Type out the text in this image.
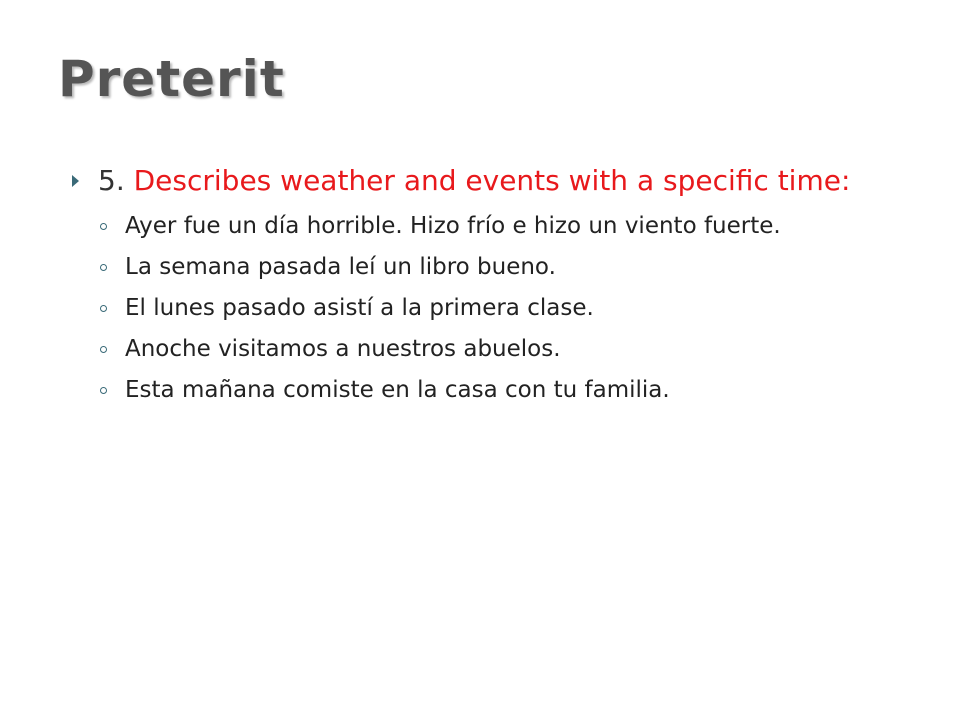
Preterit
5. Describes weather and events with a specific time:
Ayer fue un día horrible. Hizo frío e hizo un viento fuerte.
La semana pasada leí un libro bueno.
El lunes pasado asistí a la primera clase.
Anoche visitamos a nuestros abuelos.
Esta mañana comiste en la casa con tu familia.
